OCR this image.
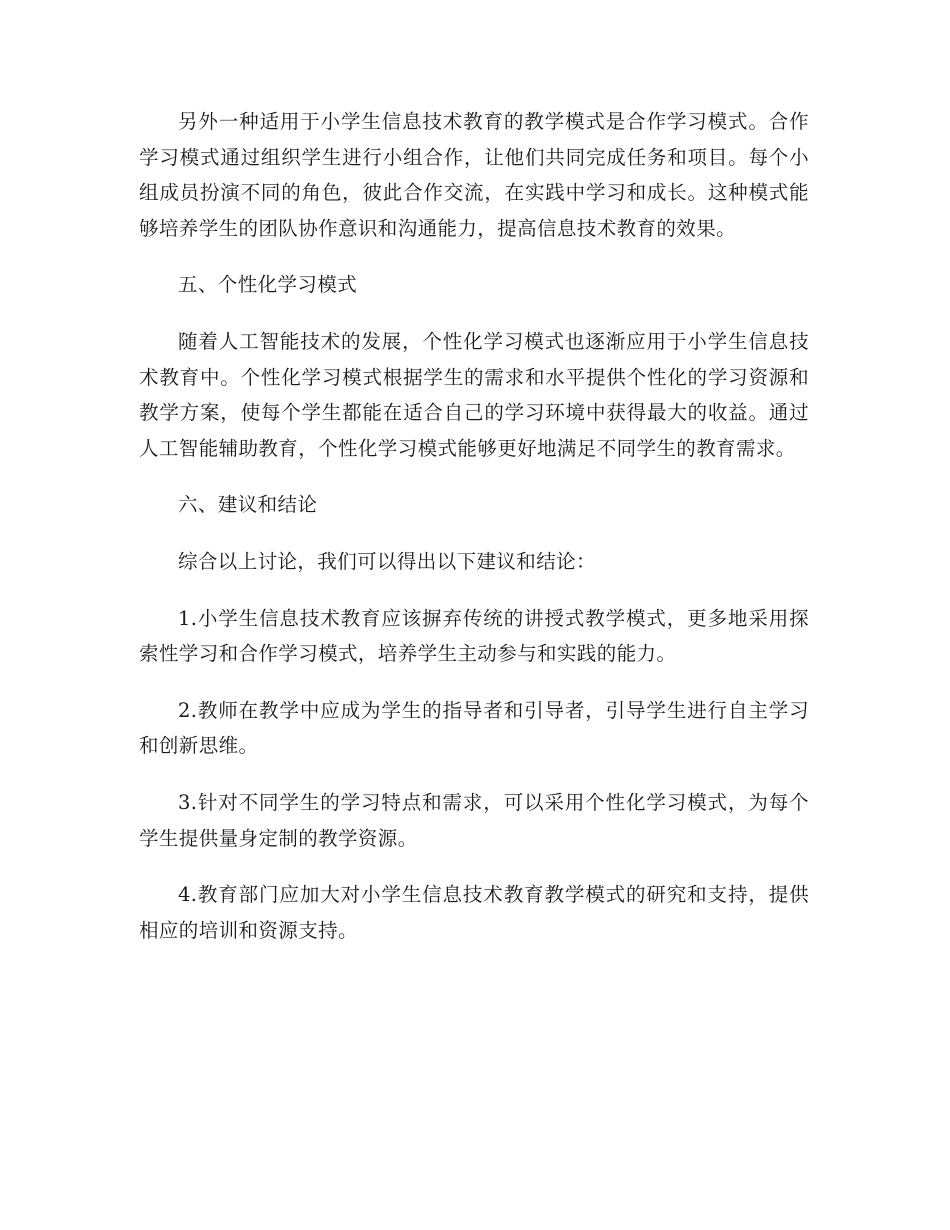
另外一种适用于小学生信息技术教育的教学模式是合作学习模式。合作学习模式通过组织学生进行小组合作，让他们共同完成任务和项目。每个小组成员扮演不同的角色，彼此合作交流，在实践中学习和成长。这种模式能够培养学生的团队协作意识和沟通能力，提高信息技术教育的效果。

五、个性化学习模式

随着人工智能技术的发展，个性化学习模式也逐渐应用于小学生信息技术教育中。个性化学习模式根据学生的需求和水平提供个性化的学习资源和教学方案，使每个学生都能在适合自己的学习环境中获得最大的收益。通过人工智能辅助教育，个性化学习模式能够更好地满足不同学生的教育需求。

六、建议和结论

综合以上讨论，我们可以得出以下建议和结论：

1.小学生信息技术教育应该摒弃传统的讲授式教学模式，更多地采用探索性学习和合作学习模式，培养学生主动参与和实践的能力。

2.教师在教学中应成为学生的指导者和引导者，引导学生进行自主学习和创新思维。

3.针对不同学生的学习特点和需求，可以采用个性化学习模式，为每个学生提供量身定制的教学资源。

4.教育部门应加大对小学生信息技术教育教学模式的研究和支持，提供相应的培训和资源支持。
